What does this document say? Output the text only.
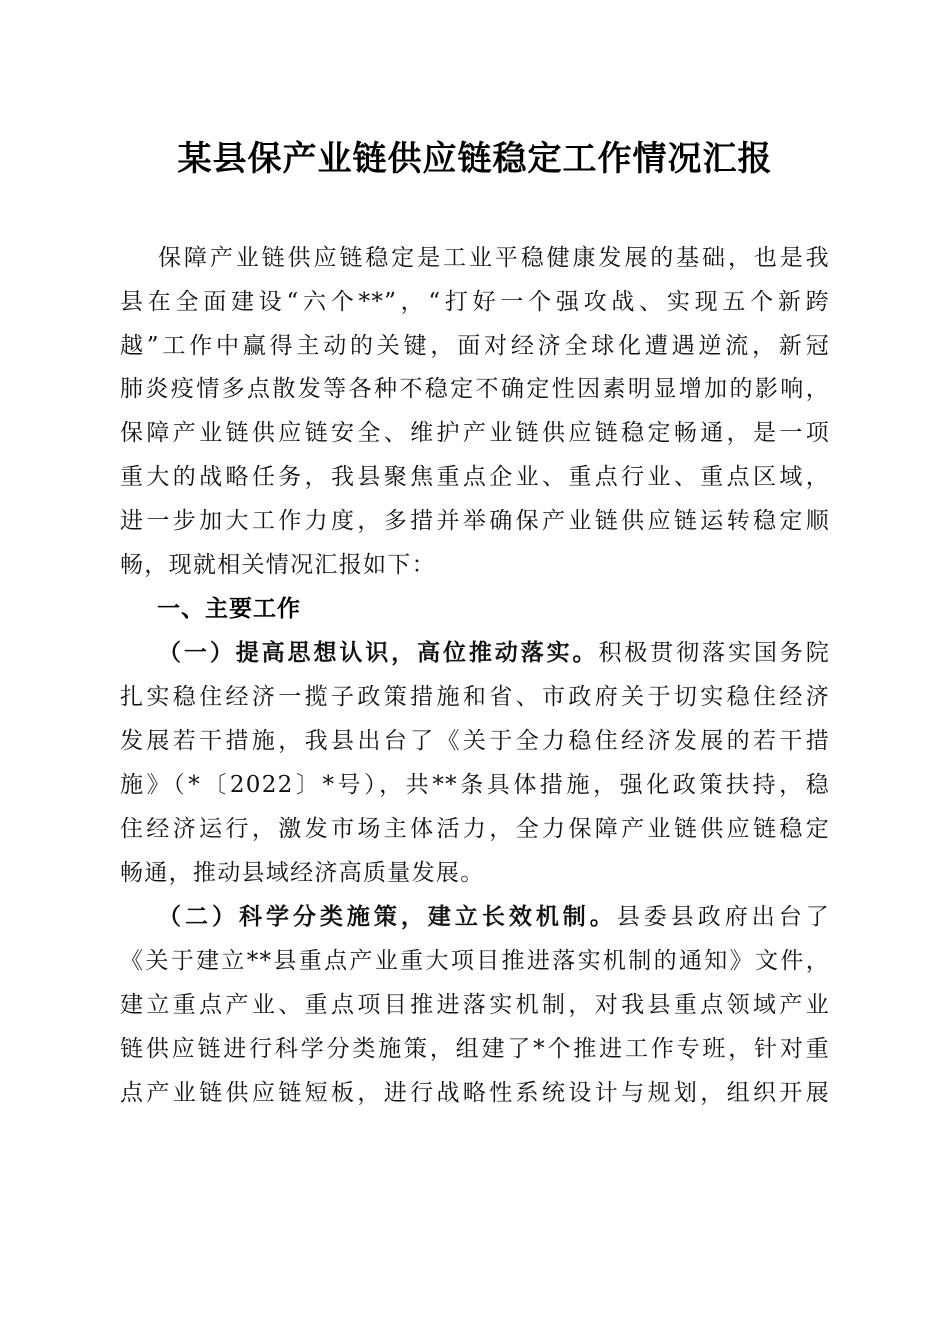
某县保产业链供应链稳定工作情况汇报
保障产业链供应链稳定是工业平稳健康发展的基础，也是我
县在全面建设“六个**”，“打好一个强攻战、实现五个新跨
越”工作中赢得主动的关键，面对经济全球化遭遇逆流，新冠
肺炎疫情多点散发等各种不稳定不确定性因素明显增加的影响，
保障产业链供应链安全、维护产业链供应链稳定畅通，是一项
重大的战略任务，我县聚焦重点企业、重点行业、重点区域，
进一步加大工作力度，多措并举确保产业链供应链运转稳定顺
畅，现就相关情况汇报如下：
一、主要工作
（一）提高思想认识，高位推动落实。积极贯彻落实国务院
扎实稳住经济一揽子政策措施和省、市政府关于切实稳住经济
发展若干措施，我县出台了《关于全力稳住经济发展的若干措
施》（*〔2022〕*号），共**条具体措施，强化政策扶持，稳
住经济运行，激发市场主体活力，全力保障产业链供应链稳定
畅通，推动县域经济高质量发展。
（二）科学分类施策，建立长效机制。县委县政府出台了
《关于建立**县重点产业重大项目推进落实机制的通知》文件，
建立重点产业、重点项目推进落实机制，对我县重点领域产业
链供应链进行科学分类施策，组建了*个推进工作专班，针对重
点产业链供应链短板，进行战略性系统设计与规划，组织开展
